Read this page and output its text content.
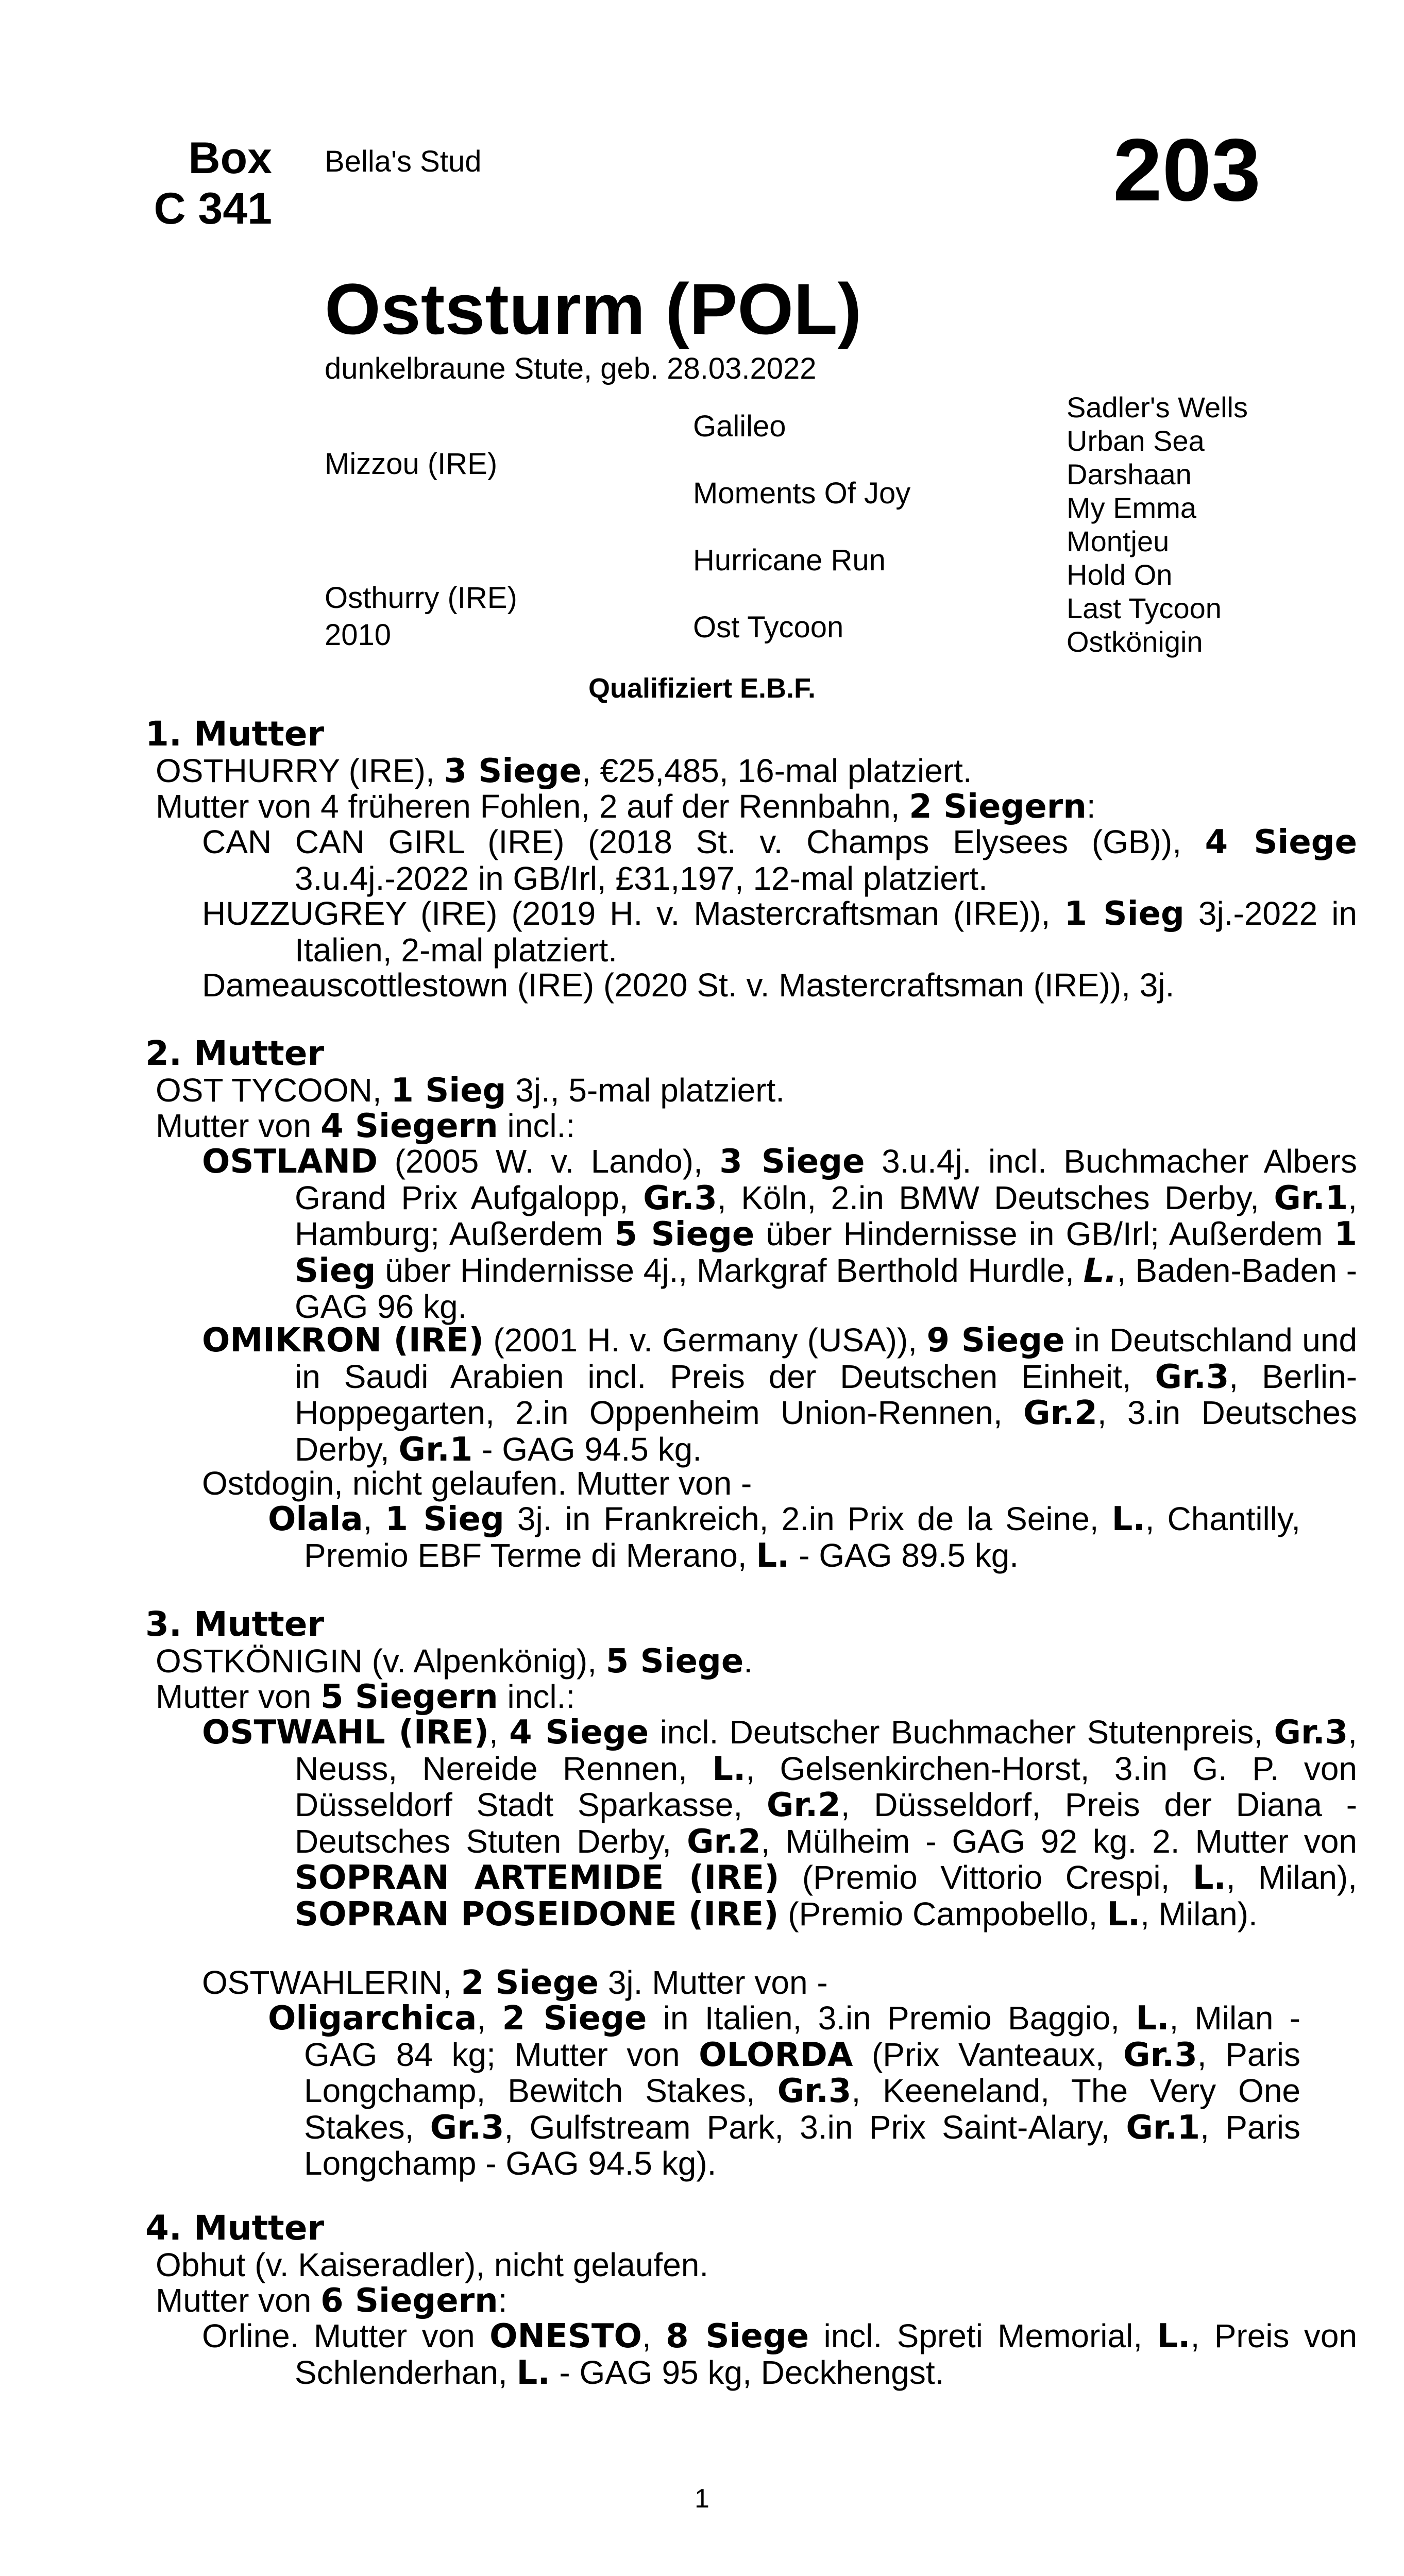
Box
C 341
Bella's Stud	203
Oststurm (POL)
dunkelbraune Stute, geb. 28.03.2022
Mizzou (IRE)
Osthurry (IRE)
2010
Galileo
Moments Of Joy
Hurricane Run
Ost Tycoon
Sadler's Wells
Urban Sea
Darshaan
My Emma
Montjeu
Hold On
Last Tycoon
Ostkönigin
Qualifiziert E.B.F.
1. Mutter
OSTHURRY (IRE), 3 Siege, €25,485, 16-mal platziert.
Mutter von 4 früheren Fohlen, 2 auf der Rennbahn, 2 Siegern:
CAN CAN GIRL (IRE) (2018 St. v. Champs Elysees (GB)), 4 Siege 3.u.4j.-2022 in GB/Irl, £31,197, 12-mal platziert.
HUZZUGREY (IRE) (2019 H. v. Mastercraftsman (IRE)), 1 Sieg 3j.-2022 in Italien, 2-mal platziert.
Dameauscottlestown (IRE) (2020 St. v. Mastercraftsman (IRE)), 3j.
2. Mutter
OST TYCOON, 1 Sieg 3j., 5-mal platziert.
Mutter von 4 Siegern incl.:
OSTLAND (2005 W. v. Lando), 3 Siege 3.u.4j. incl. Buchmacher Albers Grand Prix Aufgalopp, Gr.3, Köln, 2.in BMW Deutsches Derby, Gr.1, Hamburg; Außerdem 5 Siege über Hindernisse in GB/Irl; Außerdem 1 Sieg über Hindernisse 4j., Markgraf Berthold Hurdle, L., Baden-Baden - GAG 96 kg.
OMIKRON (IRE) (2001 H. v. Germany (USA)), 9 Siege in Deutschland und in Saudi Arabien incl. Preis der Deutschen Einheit, Gr.3, Berlin-Hoppegarten, 2.in Oppenheim Union-Rennen, Gr.2, 3.in Deutsches Derby, Gr.1 - GAG 94.5 kg.
Ostdogin, nicht gelaufen. Mutter von -
Olala, 1 Sieg 3j. in Frankreich, 2.in Prix de la Seine, L., Chantilly, Premio EBF Terme di Merano, L. - GAG 89.5 kg.
3. Mutter
OSTKÖNIGIN (v. Alpenkönig), 5 Siege.
Mutter von 5 Siegern incl.:
OSTWAHL (IRE), 4 Siege incl. Deutscher Buchmacher Stutenpreis, Gr.3, Neuss, Nereide Rennen, L., Gelsenkirchen-Horst, 3.in G. P. von Düsseldorf Stadt Sparkasse, Gr.2, Düsseldorf, Preis der Diana - Deutsches Stuten Derby, Gr.2, Mülheim - GAG 92 kg. 2. Mutter von SOPRAN ARTEMIDE (IRE) (Premio Vittorio Crespi, L., Milan), SOPRAN POSEIDONE (IRE) (Premio Campobello, L., Milan).
OSTWAHLERIN, 2 Siege 3j. Mutter von -
Oligarchica, 2 Siege in Italien, 3.in Premio Baggio, L., Milan - GAG 84 kg; Mutter von OLORDA (Prix Vanteaux, Gr.3, Paris Longchamp, Bewitch Stakes, Gr.3, Keeneland, The Very One Stakes, Gr.3, Gulfstream Park, 3.in Prix Saint-Alary, Gr.1, Paris Longchamp - GAG 94.5 kg).
4. Mutter
Obhut (v. Kaiseradler), nicht gelaufen.
Mutter von 6 Siegern:
Orline. Mutter von ONESTO, 8 Siege incl. Spreti Memorial, L., Preis von Schlenderhan, L. - GAG 95 kg, Deckhengst.
1
